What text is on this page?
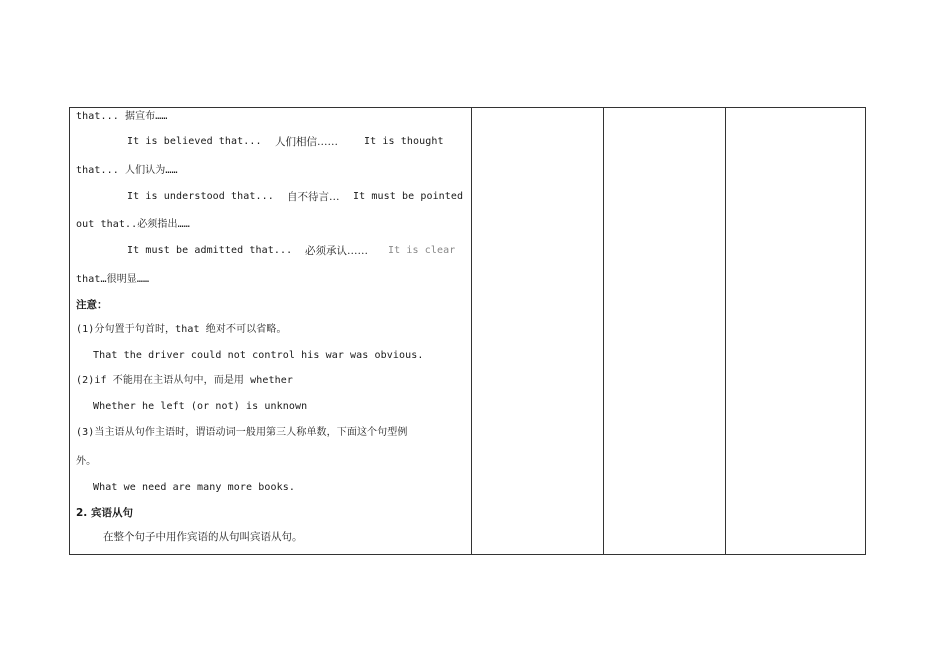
that... 据宣布……
It is believed that... 人们相信……	It is thought
that... 人们认为……
It is understood that... 自不待言… It must be pointed
out that..必须指出……
It must be admitted that... 必须承认…… It is clear
that…很明显……
注意：
(1)分句置于句首时，that 绝对不可以省略。
That the driver could not control his war was obvious.
(2)if 不能用在主语从句中，而是用 whether
Whether he left (or not) is unknown
(3)当主语从句作主语时，谓语动词一般用第三人称单数，下面这个句型例
外。
What we need are many more books.
2. 宾语从句
在整个句子中用作宾语的从句叫宾语从句。
